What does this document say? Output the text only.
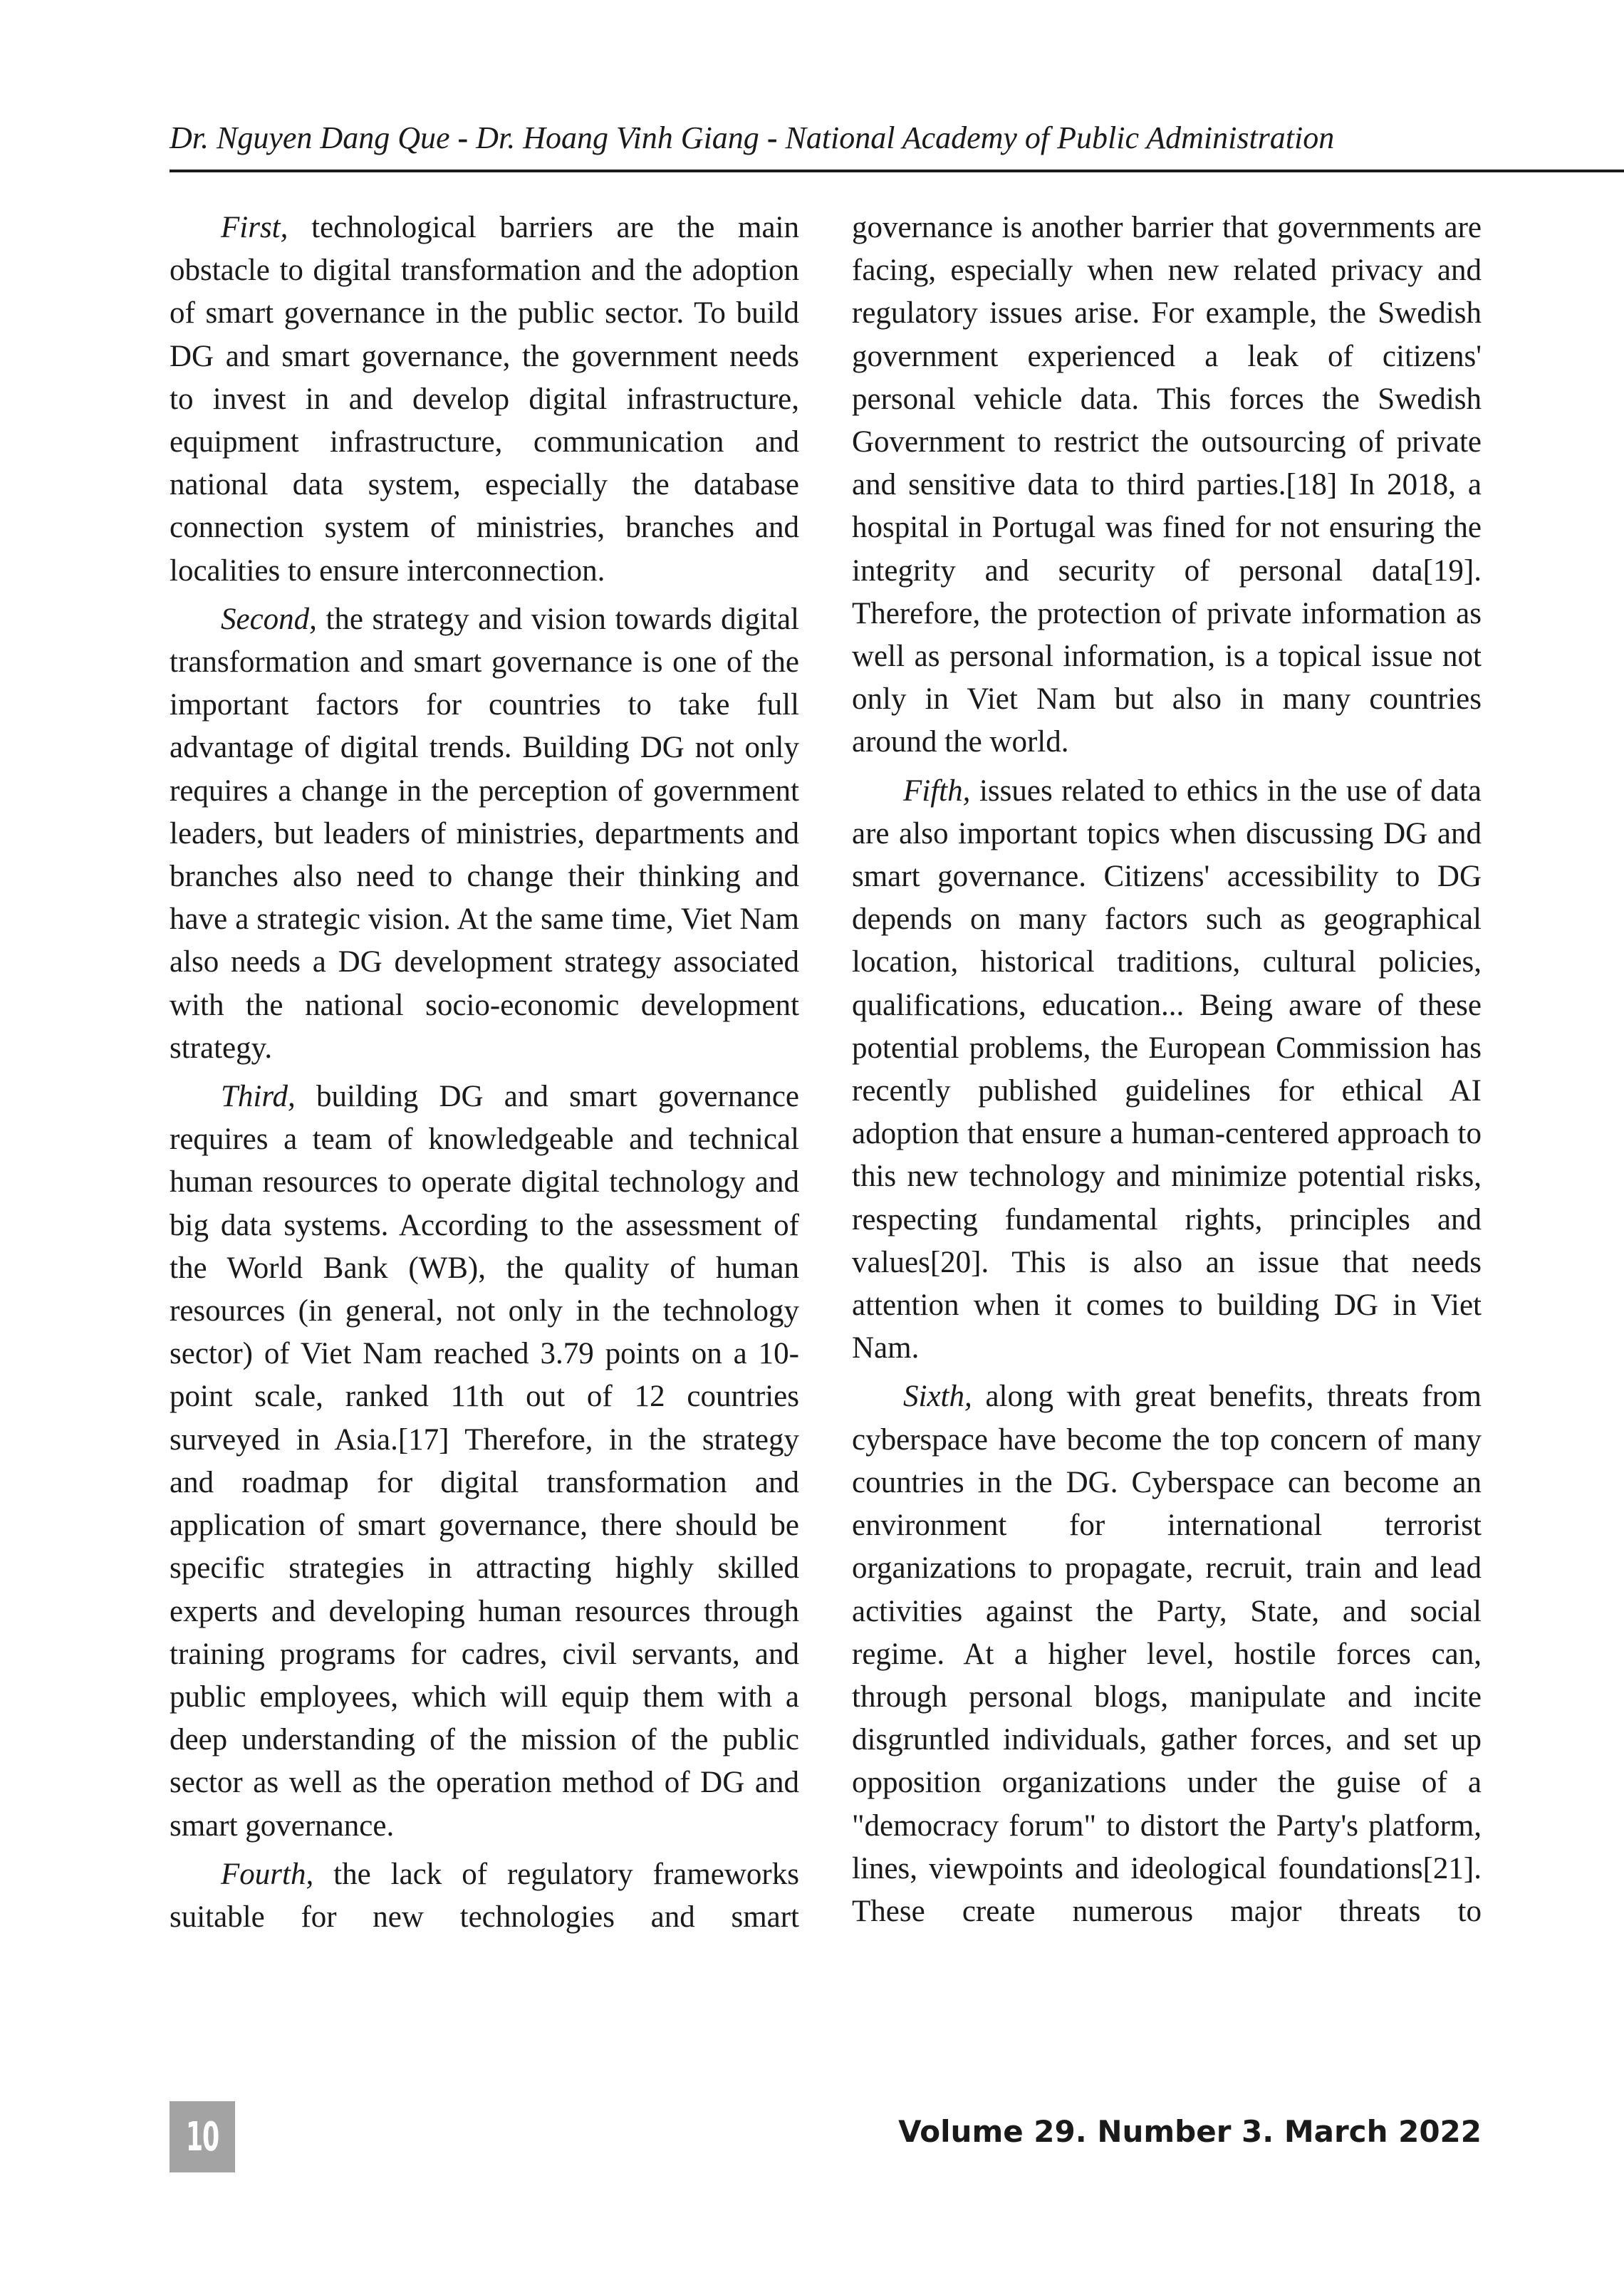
Dr. Nguyen Dang Que - Dr. Hoang Vinh Giang - National Academy of Public Administration

First, technological barriers are the main obstacle to digital transformation and the adoption of smart governance in the public sector. To build DG and smart governance, the government needs to invest in and develop digital infrastructure, equipment infrastructure, communication and national data system, especially the database connection system of ministries, branches and localities to ensure interconnection.

Second, the strategy and vision towards digital transformation and smart governance is one of the important factors for countries to take full advantage of digital trends. Building DG not only requires a change in the perception of government leaders, but leaders of ministries, departments and branches also need to change their thinking and have a strategic vision. At the same time, Viet Nam also needs a DG development strategy associated with the national socio-economic development strategy.

Third, building DG and smart governance requires a team of knowledgeable and technical human resources to operate digital technology and big data systems. According to the assessment of the World Bank (WB), the quality of human resources (in general, not only in the technology sector) of Viet Nam reached 3.79 points on a 10-point scale, ranked 11th out of 12 countries surveyed in Asia.[17] Therefore, in the strategy and roadmap for digital transformation and application of smart governance, there should be specific strategies in attracting highly skilled experts and developing human resources through training programs for cadres, civil servants, and public employees, which will equip them with a deep understanding of the mission of the public sector as well as the operation method of DG and smart governance.

Fourth, the lack of regulatory frameworks suitable for new technologies and smart

governance is another barrier that governments are facing, especially when new related privacy and regulatory issues arise. For example, the Swedish government experienced a leak of citizens' personal vehicle data. This forces the Swedish Government to restrict the outsourcing of private and sensitive data to third parties.[18] In 2018, a hospital in Portugal was fined for not ensuring the integrity and security of personal data[19]. Therefore, the protection of private information as well as personal information, is a topical issue not only in Viet Nam but also in many countries around the world.

Fifth, issues related to ethics in the use of data are also important topics when discussing DG and smart governance. Citizens' accessibility to DG depends on many factors such as geographical location, historical traditions, cultural policies, qualifications, education... Being aware of these potential problems, the European Commission has recently published guidelines for ethical AI adoption that ensure a human-centered approach to this new technology and minimize potential risks, respecting fundamental rights, principles and values[20]. This is also an issue that needs attention when it comes to building DG in Viet Nam.

Sixth, along with great benefits, threats from cyberspace have become the top concern of many countries in the DG. Cyberspace can become an environment for international terrorist organizations to propagate, recruit, train and lead activities against the Party, State, and social regime. At a higher level, hostile forces can, through personal blogs, manipulate and incite disgruntled individuals, gather forces, and set up opposition organizations under the guise of a "democracy forum" to distort the Party's platform, lines, viewpoints and ideological foundations[21]. These create numerous major threats to

10	Volume 29. Number 3. March 2022
